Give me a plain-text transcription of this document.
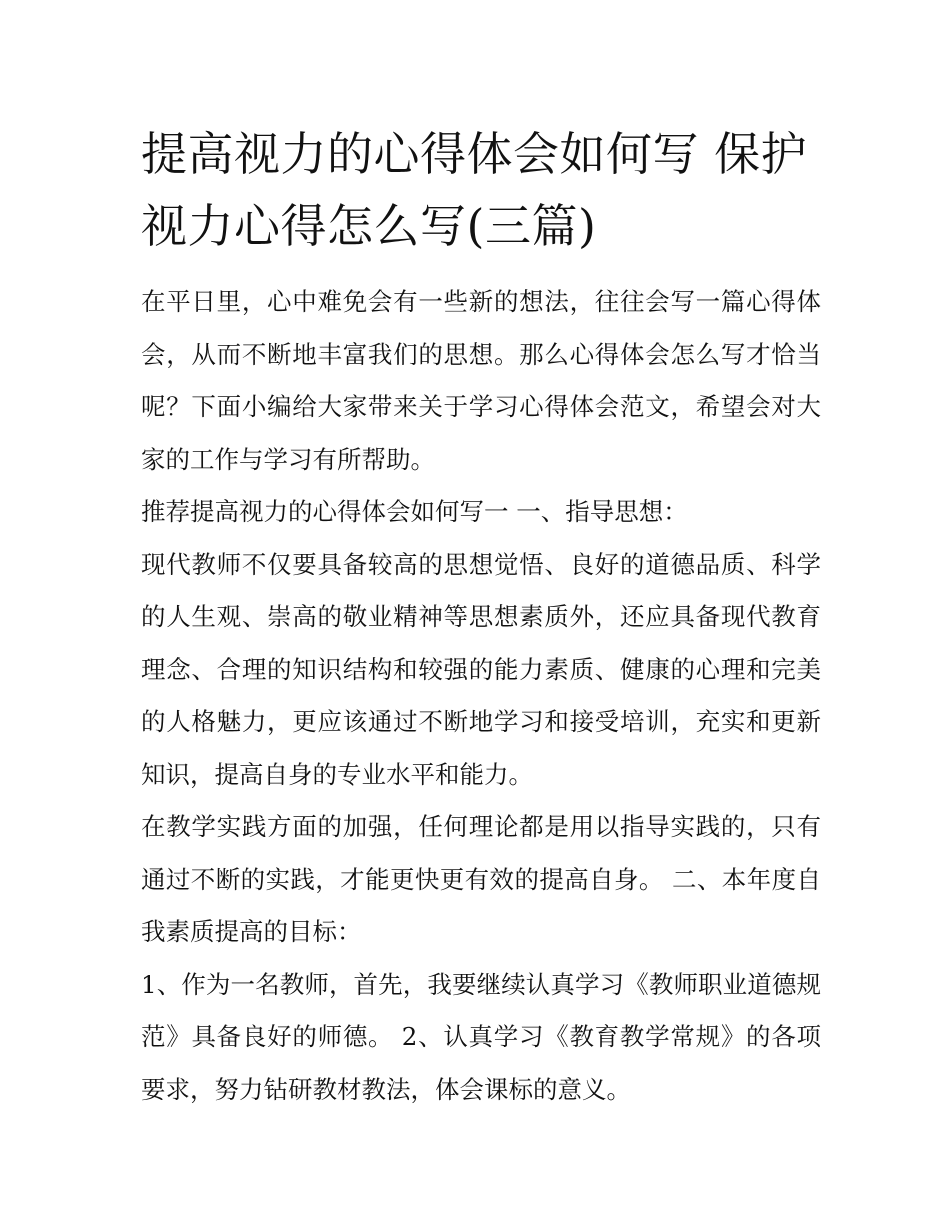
提高视力的心得体会如何写 保护视力心得怎么写(三篇)

在平日里，心中难免会有一些新的想法，往往会写一篇心得体会，从而不断地丰富我们的思想。那么心得体会怎么写才恰当呢？下面小编给大家带来关于学习心得体会范文，希望会对大家的工作与学习有所帮助。

推荐提高视力的心得体会如何写一 一、指导思想：

现代教师不仅要具备较高的思想觉悟、良好的道德品质、科学的人生观、崇高的敬业精神等思想素质外，还应具备现代教育理念、合理的知识结构和较强的能力素质、健康的心理和完美的人格魅力，更应该通过不断地学习和接受培训，充实和更新知识，提高自身的专业水平和能力。

在教学实践方面的加强，任何理论都是用以指导实践的，只有通过不断的实践，才能更快更有效的提高自身。 二、本年度自我素质提高的目标：

1、作为一名教师，首先，我要继续认真学习《教师职业道德规范》具备良好的师德。 2、认真学习《教育教学常规》的各项要求，努力钻研教材教法，体会课标的意义。
